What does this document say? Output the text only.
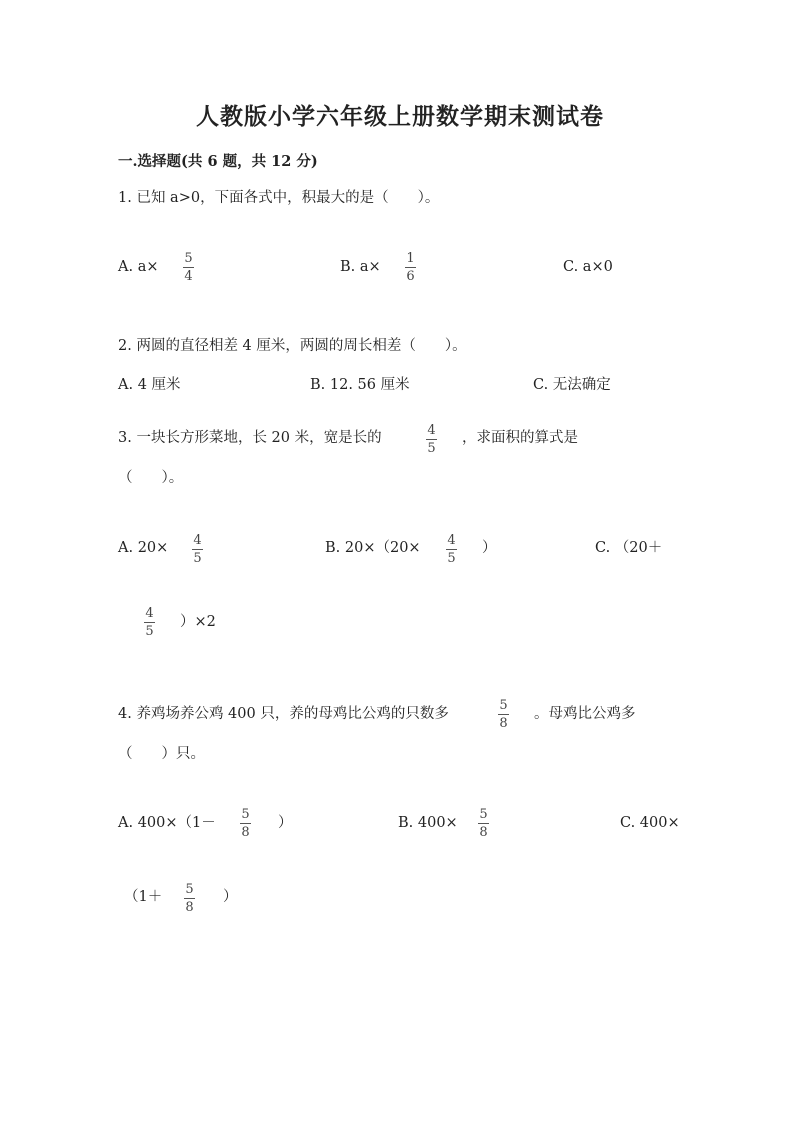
人教版小学六年级上册数学期末测试卷
一.选择题(共 6 题，共 12 分)
1. 已知 a>0，下面各式中，积最大的是（　　）。
A. a×
5
4
B. a×
1
6
C. a×0
2. 两圆的直径相差 4 厘米，两圆的周长相差（　　）。
A. 4 厘米	B. 12. 56 厘米	C. 无法确定
3. 一块长方形菜地，长 20 米，宽是长的	4
5
，求面积的算式是
（　　）。
A. 20× 4
5
B. 20×（20× 4
5
）	C. （20＋
4
5
）×2
4. 养鸡场养公鸡 400 只，养的母鸡比公鸡的只数多
5
8
。母鸡比公鸡多
（　　）只。
A. 400×（1－
5
8
）	B. 400×
5
8
C. 400×
（1＋ 5
8
）
